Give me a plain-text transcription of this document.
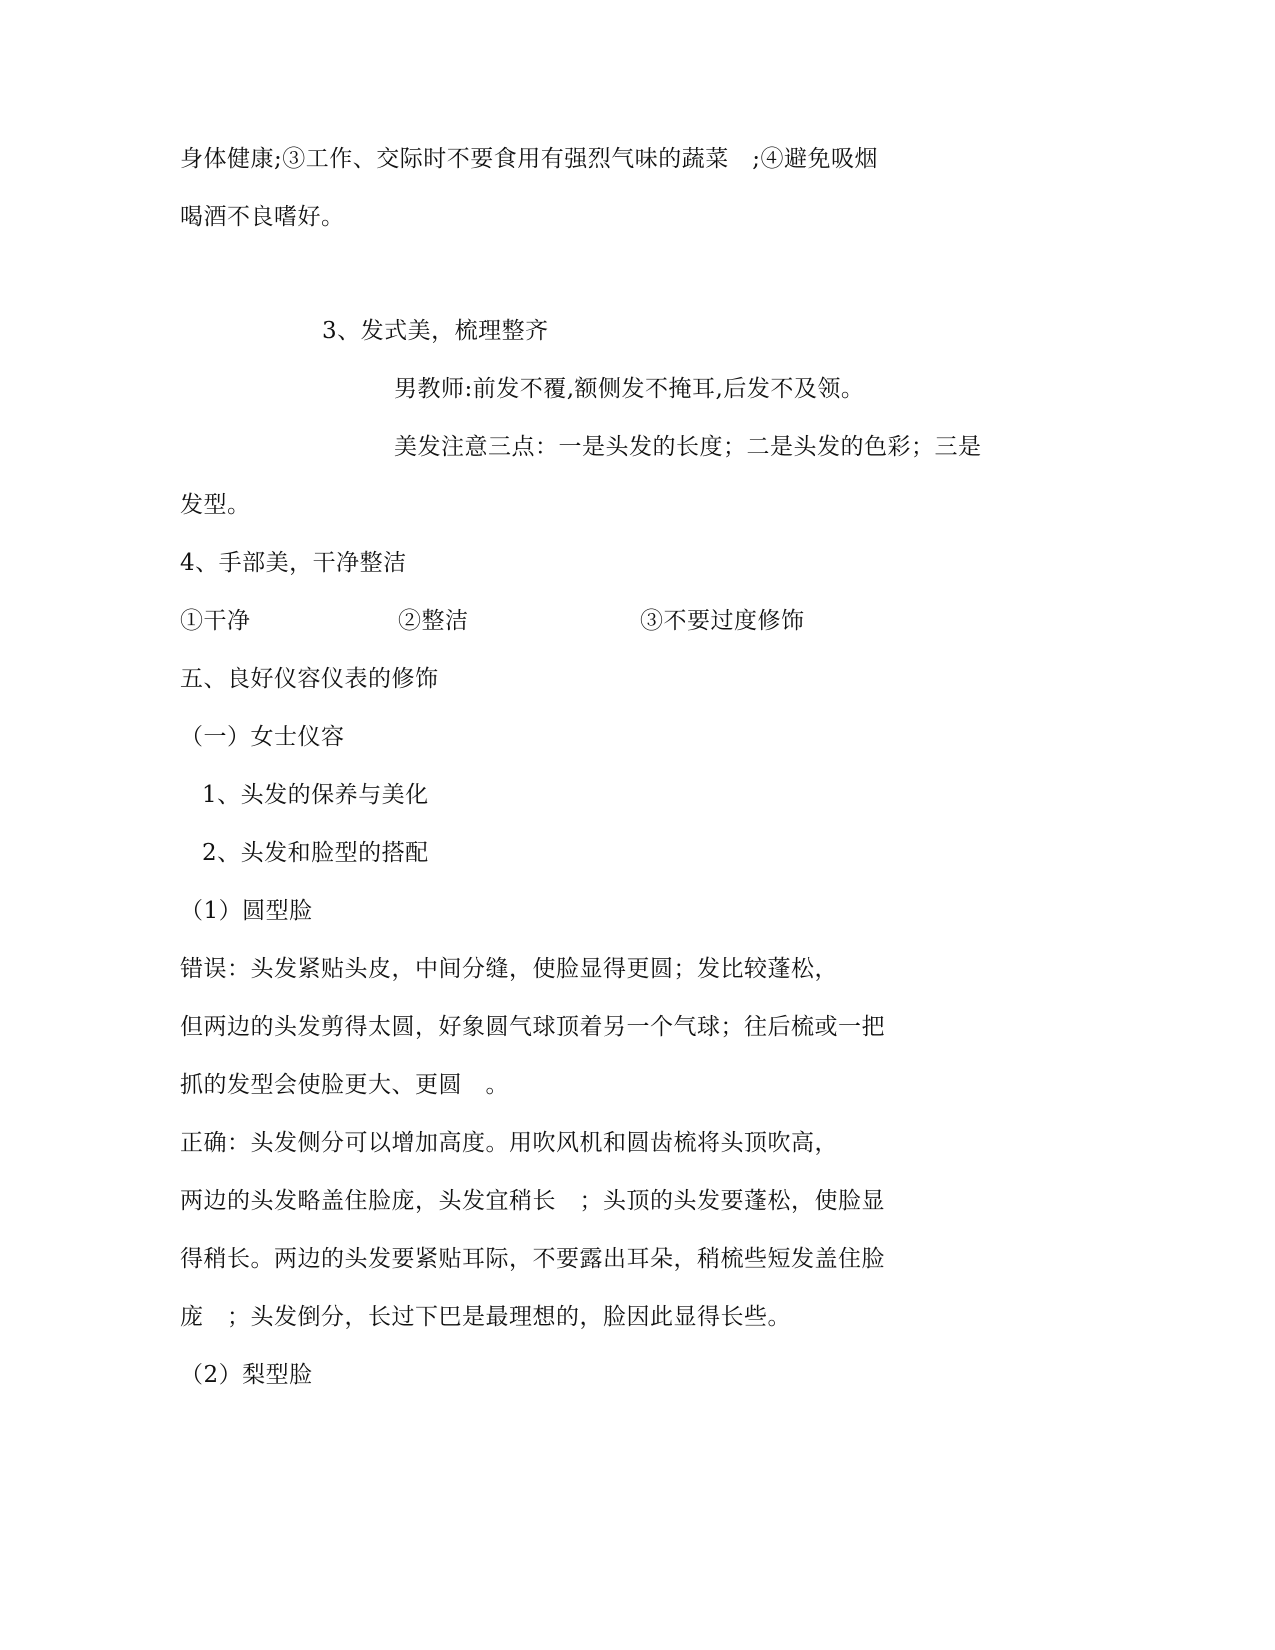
身体健康;③工作、交际时不要食用有强烈气味的蔬菜　;④避免吸烟
喝酒不良嗜好。
3、发式美，梳理整齐
男教师:前发不覆,额侧发不掩耳,后发不及领。
美发注意三点：一是头发的长度；二是头发的色彩；三是
发型。
4、手部美，干净整洁
①干净	②整洁	③不要过度修饰
五、良好仪容仪表的修饰
（一）女士仪容
1、头发的保养与美化
2、头发和脸型的搭配
（1）圆型脸
错误：头发紧贴头皮，中间分缝，使脸显得更圆；发比较蓬松，
但两边的头发剪得太圆，好象圆气球顶着另一个气球；往后梳或一把
抓的发型会使脸更大、更圆　。
正确：头发侧分可以增加高度。用吹风机和圆齿梳将头顶吹高，
两边的头发略盖住脸庞，头发宜稍长　；头顶的头发要蓬松，使脸显
得稍长。两边的头发要紧贴耳际，不要露出耳朵，稍梳些短发盖住脸
庞　；头发倒分，长过下巴是最理想的，脸因此显得长些。
（2）梨型脸
